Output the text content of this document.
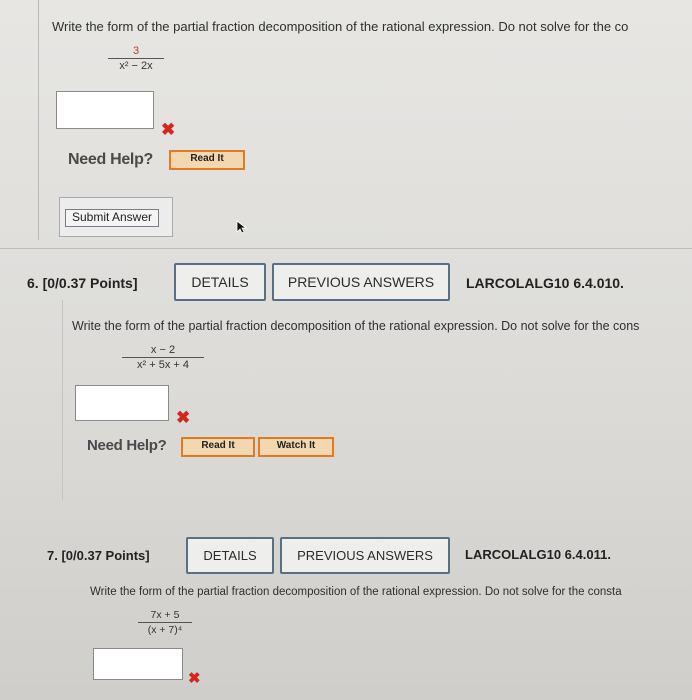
Write the form of the partial fraction decomposition of the rational expression. Do not solve for the co
$\frac{3}{\text{x² − 2x}}$
✖
Need Help?	Read It
Submit Answer
6. [0/0.37 Points]	DETAILS	PREVIOUS ANSWERS	LARCOLALG10 6.4.010.
Write the form of the partial fraction decomposition of the rational expression. Do not solve for the cons
$\frac{x - 2}{\text{x² + 5x + 4}}$
✖
Need Help?	Read It	Watch It
7. [0/0.37 Points]	DETAILS	PREVIOUS ANSWERS	LARCOLALG10 6.4.011.
Write the form of the partial fraction decomposition of the rational expression. Do not solve for the consta
$\frac{7x + 5}{\text{(x + 7)⁴}}$
✖
